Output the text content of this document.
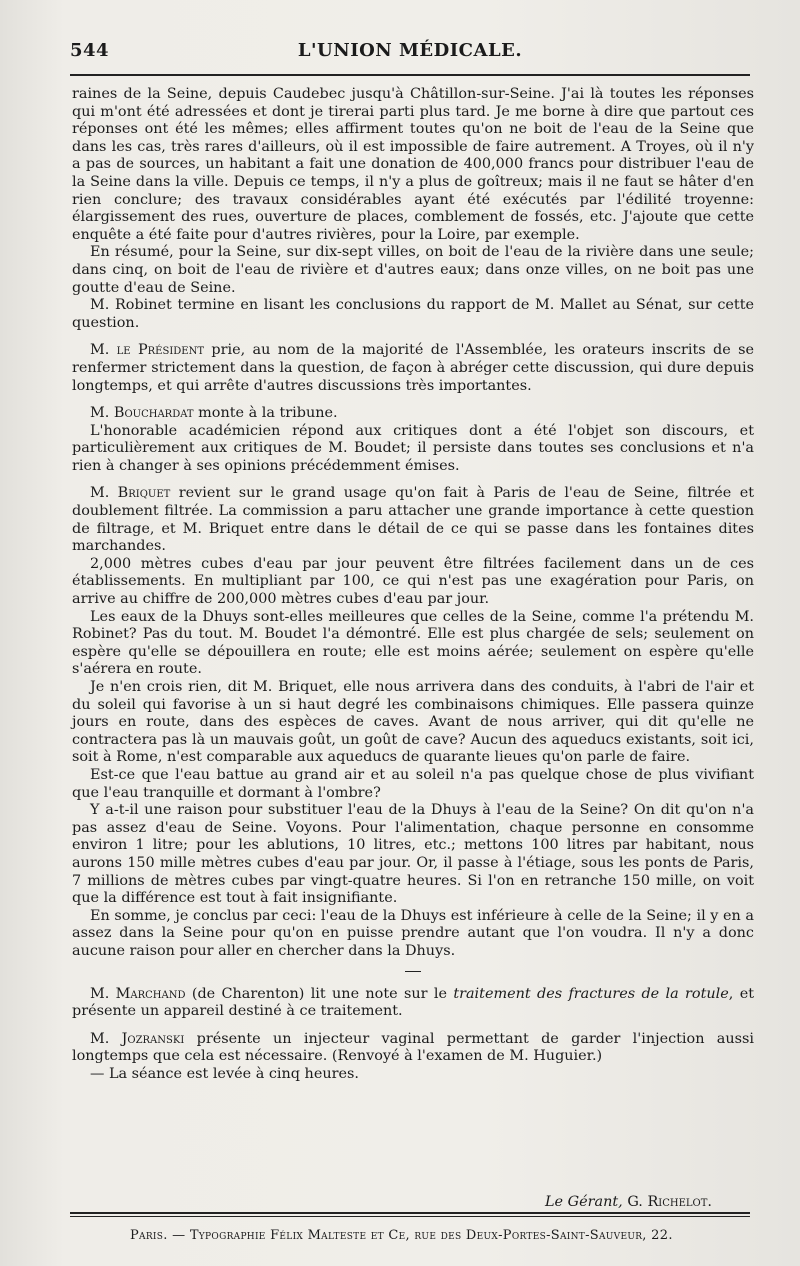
544	L'UNION MÉDICALE.

raines de la Seine, depuis Caudebec jusqu'à Châtillon-sur-Seine. J'ai là toutes les réponses qui m'ont été adressées et dont je tirerai parti plus tard. Je me borne à dire que partout ces réponses ont été les mêmes; elles affirment toutes qu'on ne boit de l'eau de la Seine que dans les cas, très rares d'ailleurs, où il est impossible de faire autrement. A Troyes, où il n'y a pas de sources, un habitant a fait une donation de 400,000 francs pour distribuer l'eau de la Seine dans la ville. Depuis ce temps, il n'y a plus de goîtreux; mais il ne faut se hâter d'en rien conclure; des travaux considérables ayant été exécutés par l'édilité troyenne: élargissement des rues, ouverture de places, comblement de fossés, etc. J'ajoute que cette enquête a été faite pour d'autres rivières, pour la Loire, par exemple.

En résumé, pour la Seine, sur dix-sept villes, on boit de l'eau de la rivière dans une seule; dans cinq, on boit de l'eau de rivière et d'autres eaux; dans onze villes, on ne boit pas une goutte d'eau de Seine.

M. Robinet termine en lisant les conclusions du rapport de M. Mallet au Sénat, sur cette question.

M. le Président prie, au nom de la majorité de l'Assemblée, les orateurs inscrits de se renfermer strictement dans la question, de façon à abréger cette discussion, qui dure depuis longtemps, et qui arrête d'autres discussions très importantes.

M. Bouchardat monte à la tribune.

L'honorable académicien répond aux critiques dont a été l'objet son discours, et particulièrement aux critiques de M. Boudet; il persiste dans toutes ses conclusions et n'a rien à changer à ses opinions précédemment émises.

M. Briquet revient sur le grand usage qu'on fait à Paris de l'eau de Seine, filtrée et doublement filtrée. La commission a paru attacher une grande importance à cette question de filtrage, et M. Briquet entre dans le détail de ce qui se passe dans les fontaines dites marchandes.

2,000 mètres cubes d'eau par jour peuvent être filtrées facilement dans un de ces établissements. En multipliant par 100, ce qui n'est pas une exagération pour Paris, on arrive au chiffre de 200,000 mètres cubes d'eau par jour.

Les eaux de la Dhuys sont-elles meilleures que celles de la Seine, comme l'a prétendu M. Robinet? Pas du tout. M. Boudet l'a démontré. Elle est plus chargée de sels; seulement on espère qu'elle se dépouillera en route; elle est moins aérée; seulement on espère qu'elle s'aérera en route.

Je n'en crois rien, dit M. Briquet, elle nous arrivera dans des conduits, à l'abri de l'air et du soleil qui favorise à un si haut degré les combinaisons chimiques. Elle passera quinze jours en route, dans des espèces de caves. Avant de nous arriver, qui dit qu'elle ne contractera pas là un mauvais goût, un goût de cave? Aucun des aqueducs existants, soit ici, soit à Rome, n'est comparable aux aqueducs de quarante lieues qu'on parle de faire.

Est-ce que l'eau battue au grand air et au soleil n'a pas quelque chose de plus vivifiant que l'eau tranquille et dormant à l'ombre?

Y a-t-il une raison pour substituer l'eau de la Dhuys à l'eau de la Seine? On dit qu'on n'a pas assez d'eau de Seine. Voyons. Pour l'alimentation, chaque personne en consomme environ 1 litre; pour les ablutions, 10 litres, etc.; mettons 100 litres par habitant, nous aurons 150 mille mètres cubes d'eau par jour. Or, il passe à l'étiage, sous les ponts de Paris, 7 millions de mètres cubes par vingt-quatre heures. Si l'on en retranche 150 mille, on voit que la différence est tout à fait insignifiante.

En somme, je conclus par ceci: l'eau de la Dhuys est inférieure à celle de la Seine; il y en a assez dans la Seine pour qu'on en puisse prendre autant que l'on voudra. Il n'y a donc aucune raison pour aller en chercher dans la Dhuys.

M. Marchand (de Charenton) lit une note sur le traitement des fractures de la rotule, et présente un appareil destiné à ce traitement.

M. Jozranski présente un injecteur vaginal permettant de garder l'injection aussi longtemps que cela est nécessaire. (Renvoyé à l'examen de M. Huguier.)

— La séance est levée à cinq heures.

Le Gérant, G. Richelot.
Paris. — Typographie Félix Malteste et Ce, rue des Deux-Portes-Saint-Sauveur, 22.
